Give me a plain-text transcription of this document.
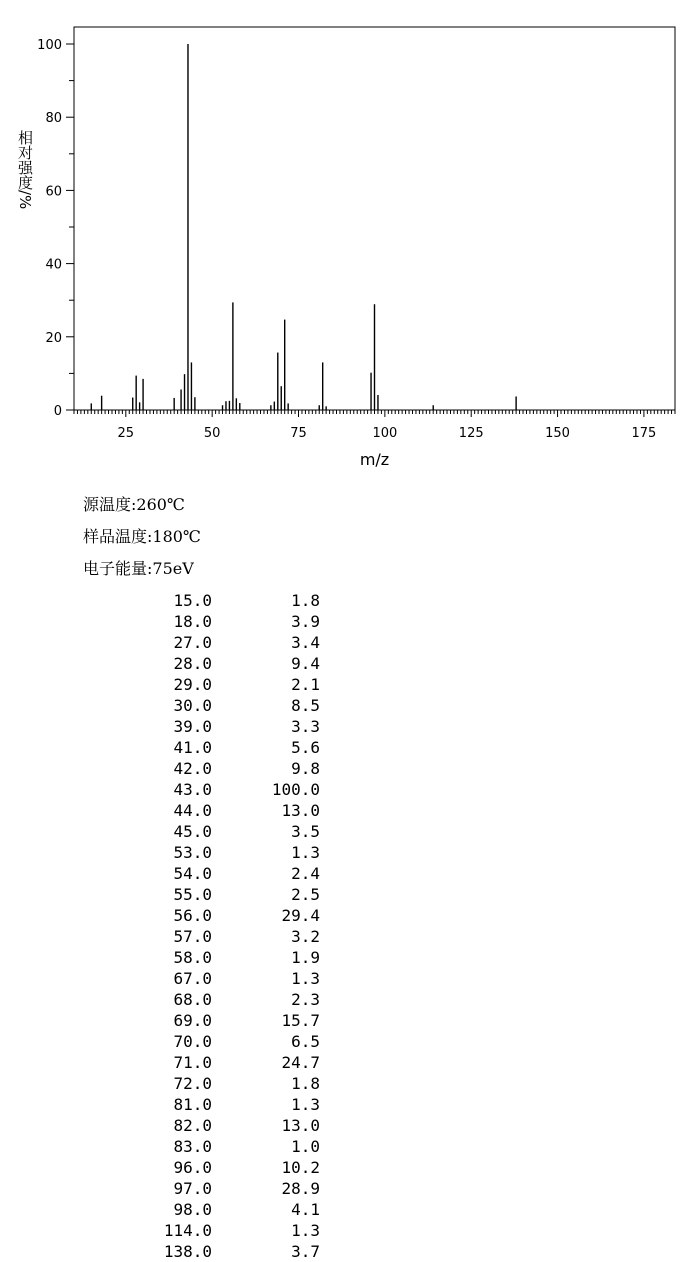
25	50	75	100	125	150	175
0
20
40
60
80
100
m/z
相对强度/%
源温度:260℃
样品温度:180℃
电子能量:75eV
15.0	1.8
18.0	3.9
27.0	3.4
28.0	9.4
29.0	2.1
30.0	8.5
39.0	3.3
41.0	5.6
42.0	9.8
43.0	100.0
44.0	13.0
45.0	3.5
53.0	1.3
54.0	2.4
55.0	2.5
56.0	29.4
57.0	3.2
58.0	1.9
67.0	1.3
68.0	2.3
69.0	15.7
70.0	6.5
71.0	24.7
72.0	1.8
81.0	1.3
82.0	13.0
83.0	1.0
96.0	10.2
97.0	28.9
98.0	4.1
114.0	1.3
138.0	3.7
